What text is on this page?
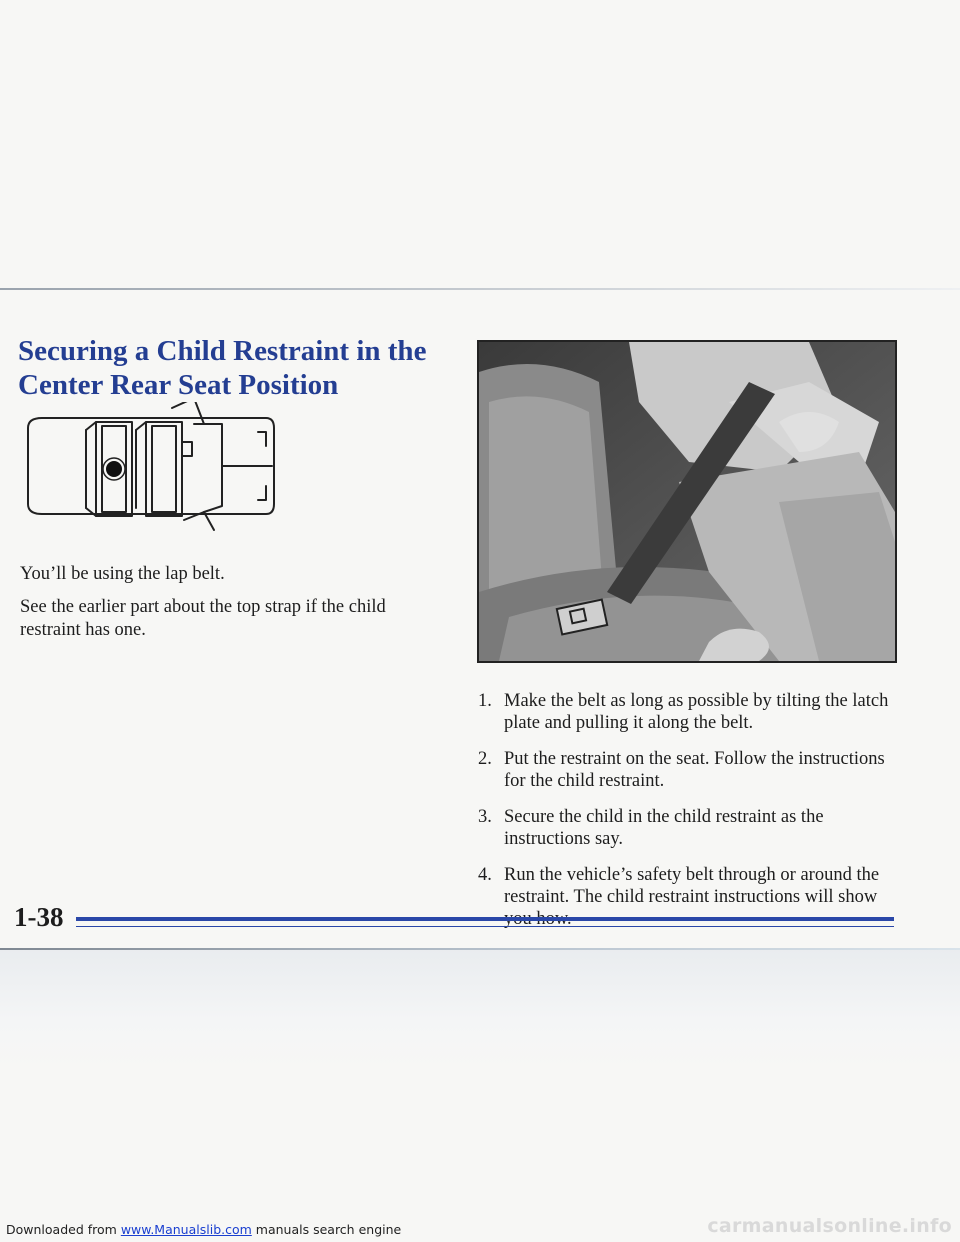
Securing a Child Restraint in the Center Rear Seat Position

You’ll be using the lap belt.

See the earlier part about the top strap if the child restraint has one.

1. Make the belt as long as possible by tilting the latch plate and pulling it along the belt.
2. Put the restraint on the seat. Follow the instructions for the child restraint.
3. Secure the child in the child restraint as the instructions say.
4. Run the vehicle’s safety belt through or around the restraint. The child restraint instructions will show
1-38
Downloaded from www.Manualslib.com manuals search engine	carmanualsonline.info
